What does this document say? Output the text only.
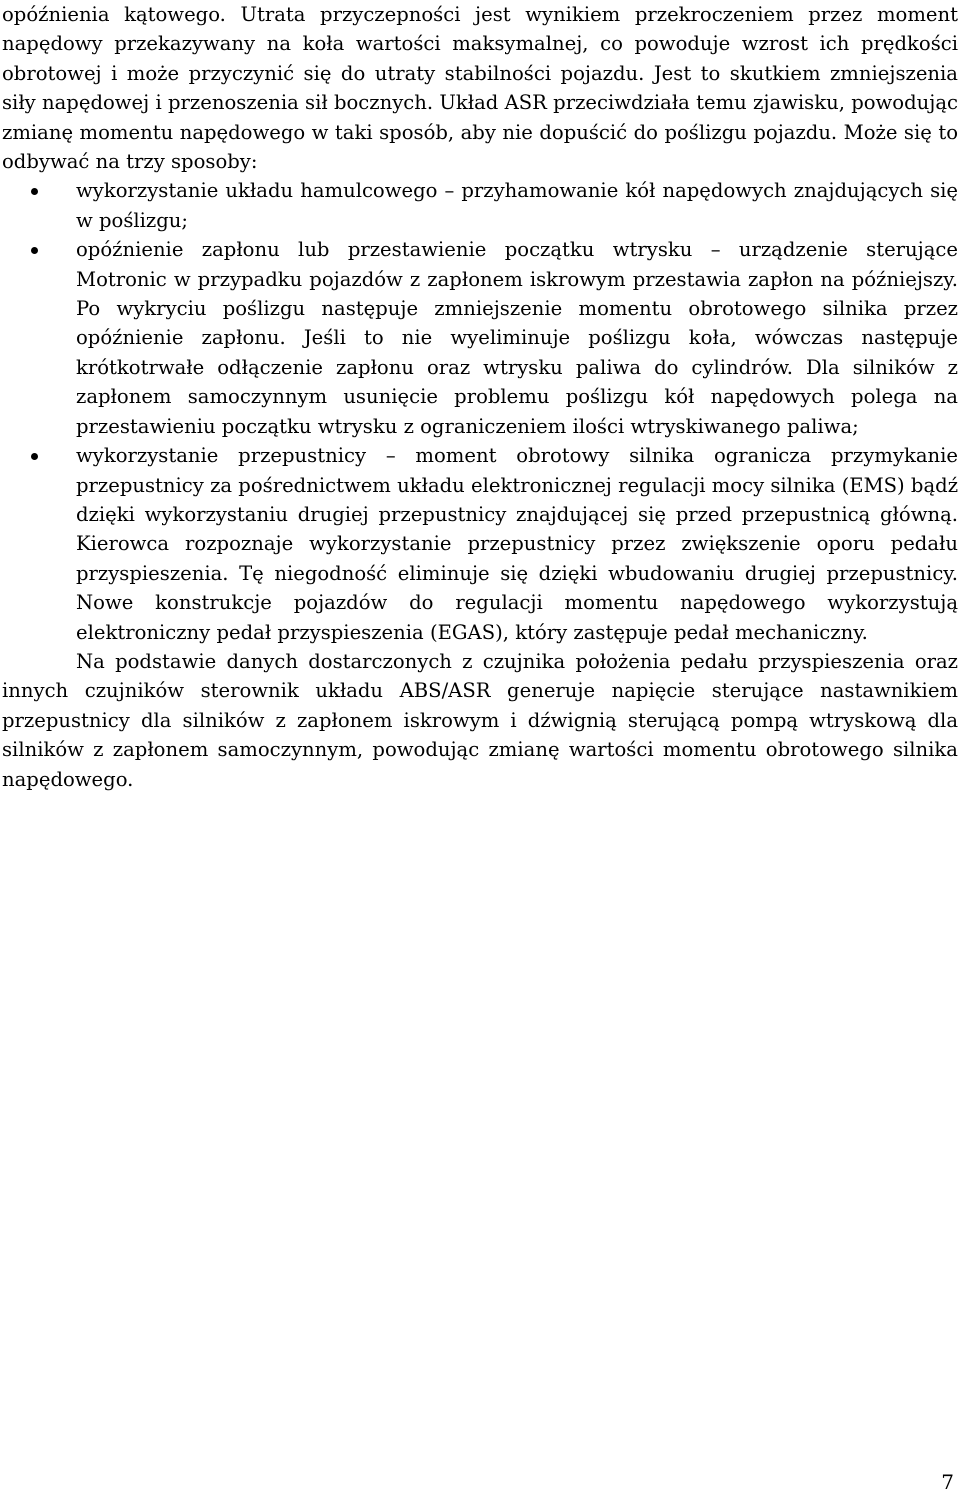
opóźnienia kątowego. Utrata przyczepności jest wynikiem przekroczeniem przez moment napędowy przekazywany na koła wartości maksymalnej, co powoduje wzrost ich prędkości obrotowej i może przyczynić się do utraty stabilności pojazdu. Jest to skutkiem zmniejszenia siły napędowej i przenoszenia sił bocznych. Układ ASR przeciwdziała temu zjawisku, powodując zmianę momentu napędowego w taki sposób, aby nie dopuścić do poślizgu pojazdu. Może się to odbywać na trzy sposoby:

wykorzystanie układu hamulcowego – przyhamowanie kół napędowych znajdujących się w poślizgu;
opóźnienie zapłonu lub przestawienie początku wtrysku – urządzenie sterujące Motronic w przypadku pojazdów z zapłonem iskrowym przestawia zapłon na późniejszy. Po wykryciu poślizgu następuje zmniejszenie momentu obrotowego silnika przez opóźnienie zapłonu. Jeśli to nie wyeliminuje poślizgu koła, wówczas następuje krótkotrwałe odłączenie zapłonu oraz wtrysku paliwa do cylindrów. Dla silników z zapłonem samoczynnym usunięcie problemu poślizgu kół napędowych polega na przestawieniu początku wtrysku z ograniczeniem ilości wtryskiwanego paliwa;
wykorzystanie przepustnicy – moment obrotowy silnika ogranicza przymykanie przepustnicy za pośrednictwem układu elektronicznej regulacji mocy silnika (EMS) bądź dzięki wykorzystaniu drugiej przepustnicy znajdującej się przed przepustnicą główną. Kierowca rozpoznaje wykorzystanie przepustnicy przez zwiększenie oporu pedału przyspieszenia. Tę niegodność eliminuje się dzięki wbudowaniu drugiej przepustnicy. Nowe konstrukcje pojazdów do regulacji momentu napędowego wykorzystują elektroniczny pedał przyspieszenia (EGAS), który zastępuje pedał mechaniczny.

Na podstawie danych dostarczonych z czujnika położenia pedału przyspieszenia oraz innych czujników sterownik układu ABS/ASR generuje napięcie sterujące nastawnikiem przepustnicy dla silników z zapłonem iskrowym i dźwignią sterującą pompą wtryskową dla silników z zapłonem samoczynnym, powodując zmianę wartości momentu obrotowego silnika napędowego.

7
